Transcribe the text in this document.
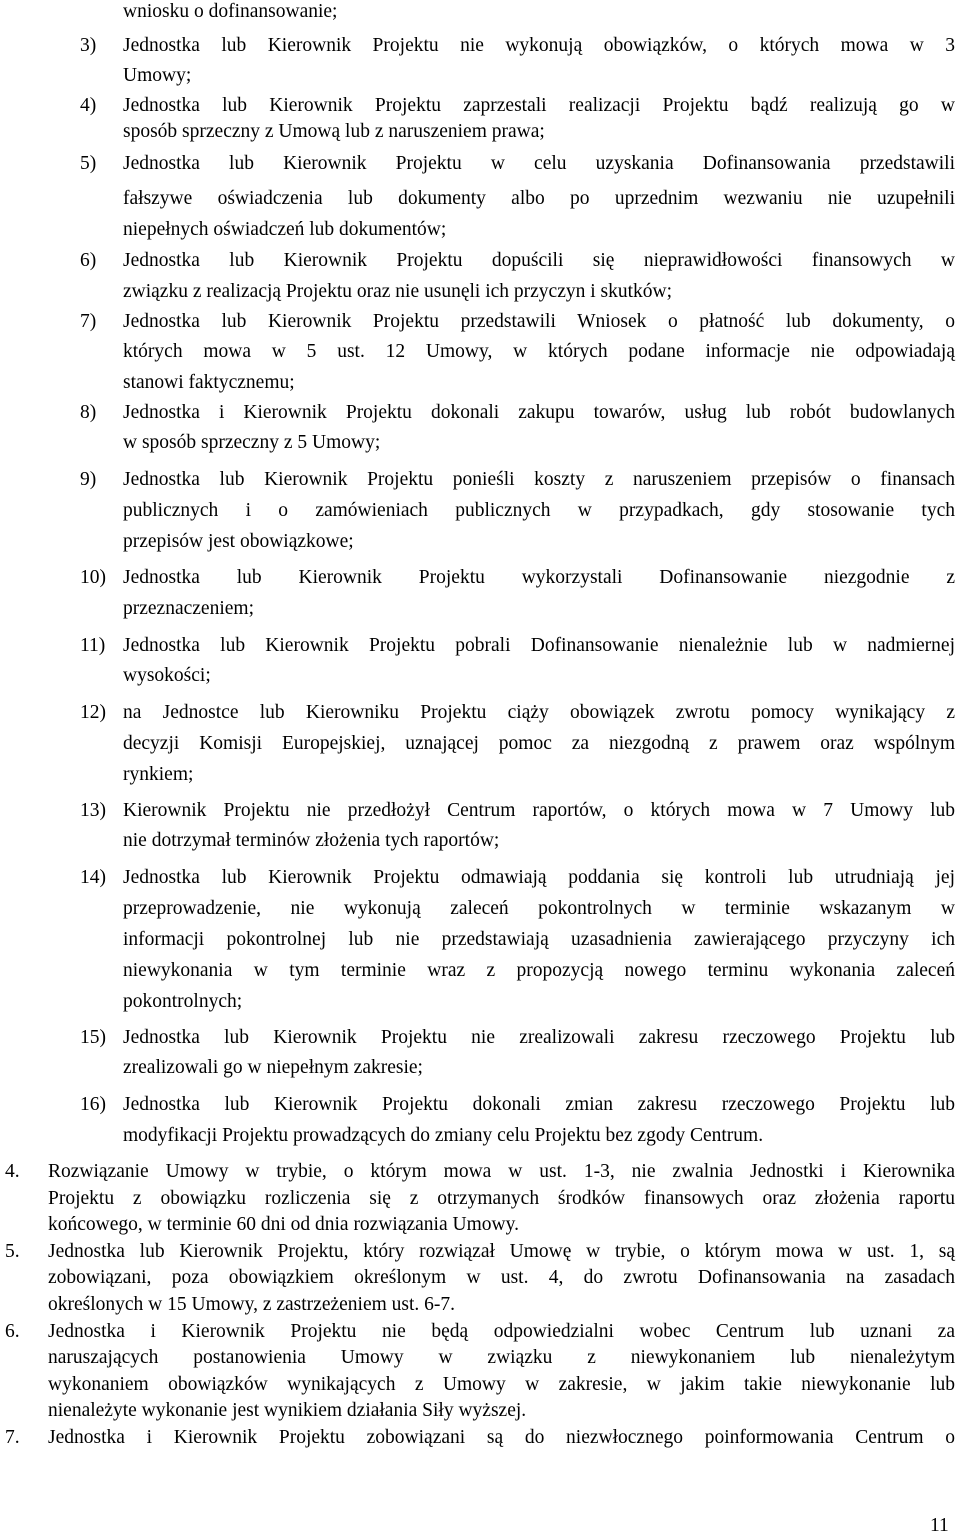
wniosku o dofinansowanie;
3) Jednostka lub Kierownik Projektu nie wykonują obowiązków, o których mowa w 3
Umowy;
4) Jednostka lub Kierownik Projektu zaprzestali realizacji Projektu bądź realizują go w
sposób sprzeczny z Umową lub z naruszeniem prawa;
5) Jednostka lub Kierownik Projektu w celu uzyskania Dofinansowania przedstawili
fałszywe oświadczenia lub dokumenty albo po uprzednim wezwaniu nie uzupełnili
niepełnych oświadczeń lub dokumentów;
6) Jednostka lub Kierownik Projektu dopuścili się nieprawidłowości finansowych w
związku z realizacją Projektu oraz nie usunęli ich przyczyn i skutków;
7) Jednostka lub Kierownik Projektu przedstawili Wniosek o płatność lub dokumenty, o
których mowa w 5 ust. 12 Umowy, w których podane informacje nie odpowiadają
stanowi faktycznemu;
8) Jednostka i Kierownik Projektu dokonali zakupu towarów, usług lub robót budowlanych
w sposób sprzeczny z 5 Umowy;
9) Jednostka lub Kierownik Projektu ponieśli koszty z naruszeniem przepisów o finansach
publicznych i o zamówieniach publicznych w przypadkach, gdy stosowanie tych
przepisów jest obowiązkowe;
10) Jednostka lub Kierownik Projektu wykorzystali Dofinansowanie niezgodnie z
przeznaczeniem;
11) Jednostka lub Kierownik Projektu pobrali Dofinansowanie nienależnie lub w nadmiernej
wysokości;
12) na Jednostce lub Kierowniku Projektu ciąży obowiązek zwrotu pomocy wynikający z
decyzji Komisji Europejskiej, uznającej pomoc za niezgodną z prawem oraz wspólnym
rynkiem;
13) Kierownik Projektu nie przedłożył Centrum raportów, o których mowa w 7 Umowy lub
nie dotrzymał terminów złożenia tych raportów;
14) Jednostka lub Kierownik Projektu odmawiają poddania się kontroli lub utrudniają jej
przeprowadzenie, nie wykonują zaleceń pokontrolnych w terminie wskazanym w
informacji pokontrolnej lub nie przedstawiają uzasadnienia zawierającego przyczyny ich
niewykonania w tym terminie wraz z propozycją nowego terminu wykonania zaleceń
pokontrolnych;
15) Jednostka lub Kierownik Projektu nie zrealizowali zakresu rzeczowego Projektu lub
zrealizowali go w niepełnym zakresie;
16) Jednostka lub Kierownik Projektu dokonali zmian zakresu rzeczowego Projektu lub
modyfikacji Projektu prowadzących do zmiany celu Projektu bez zgody Centrum.
4. Rozwiązanie Umowy w trybie, o którym mowa w ust. 1-3, nie zwalnia Jednostki i Kierownika
Projektu z obowiązku rozliczenia się z otrzymanych środków finansowych oraz złożenia raportu
końcowego, w terminie 60 dni od dnia rozwiązania Umowy.
5. Jednostka lub Kierownik Projektu, który rozwiązał Umowę w trybie, o którym mowa w ust. 1, są
zobowiązani, poza obowiązkiem określonym w ust. 4, do zwrotu Dofinansowania na zasadach
określonych w 15 Umowy, z zastrzeżeniem ust. 6-7.
6. Jednostka i Kierownik Projektu nie będą odpowiedzialni wobec Centrum lub uznani za
naruszających postanowienia Umowy w związku z niewykonaniem lub nienależytym
wykonaniem obowiązków wynikających z Umowy w zakresie, w jakim takie niewykonanie lub
nienależyte wykonanie jest wynikiem działania Siły wyższej.
7. Jednostka i Kierownik Projektu zobowiązani są do niezwłocznego poinformowania Centrum o
11
